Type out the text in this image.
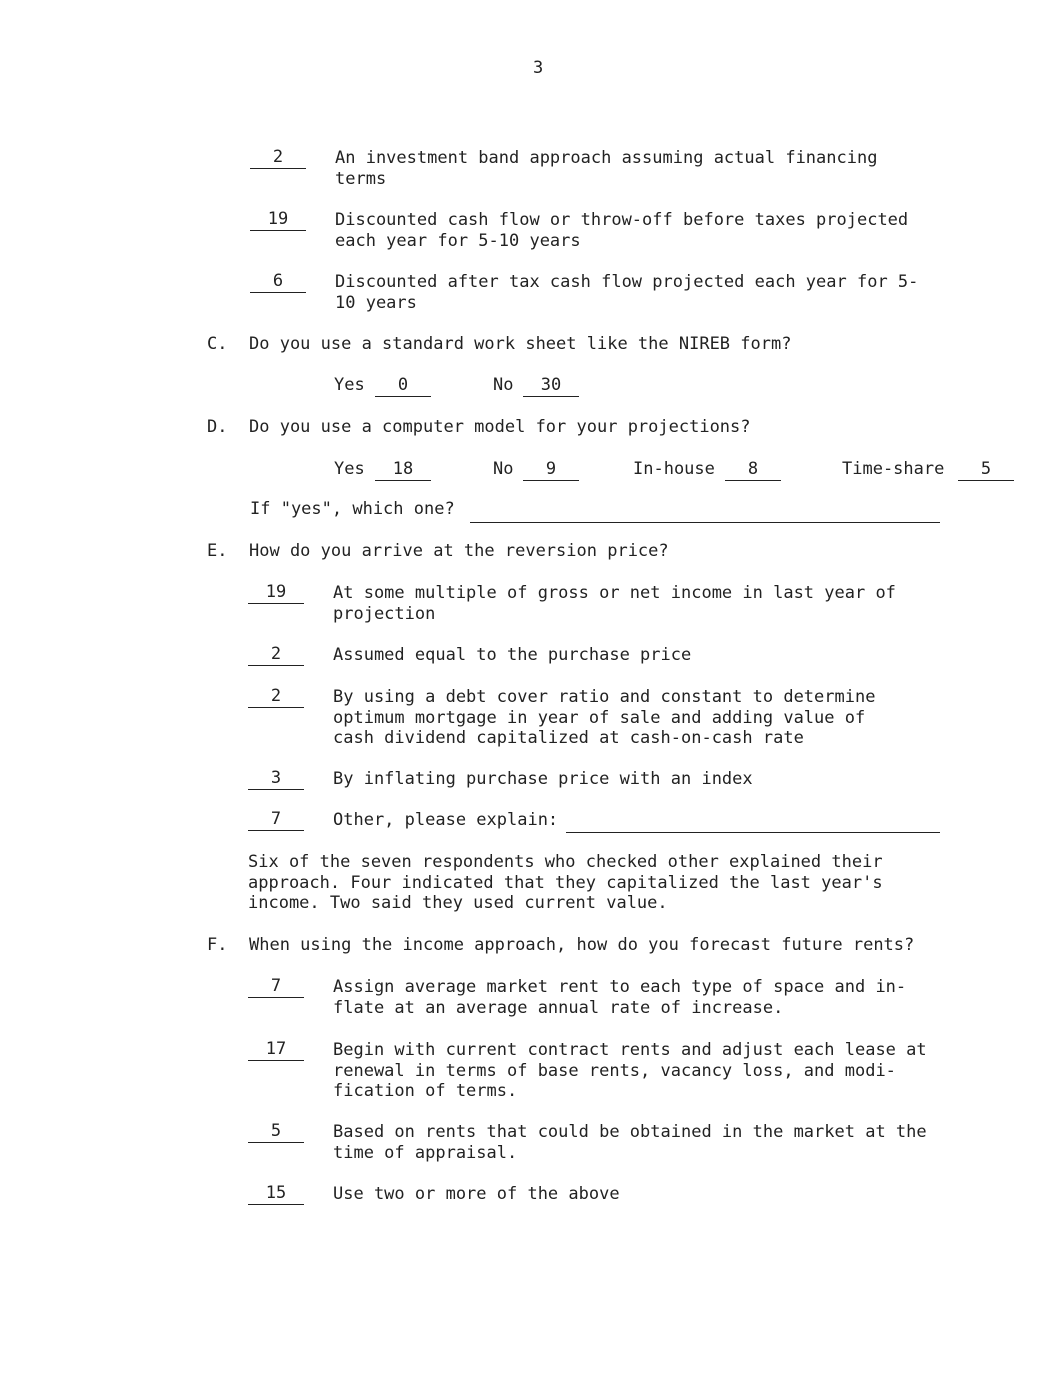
3
2	An investment band approach assuming actual financing terms
19	Discounted cash flow or throw-off before taxes projected each year for 5-10 years
6	Discounted after tax cash flow projected each year for 5-10 years
C. Do you use a standard work sheet like the NIREB form?
Yes	0	No	30
D. Do you use a computer model for your projections?
Yes	18	No	9	In-house	8	Time-share	5
If "yes", which one?
E. How do you arrive at the reversion price?
19	At some multiple of gross or net income in last year of projection
2	Assumed equal to the purchase price
2	By using a debt cover ratio and constant to determine optimum mortgage in year of sale and adding value of cash dividend capitalized at cash-on-cash rate
3	By inflating purchase price with an index
7	Other, please explain:
Six of the seven respondents who checked other explained their approach. Four indicated that they capitalized the last year's income. Two said they used current value.
F. When using the income approach, how do you forecast future rents?
7	Assign average market rent to each type of space and in-flate at an average annual rate of increase.
17	Begin with current contract rents and adjust each lease at renewal in terms of base rents, vacancy loss, and modi-fication of terms.
5	Based on rents that could be obtained in the market at the time of appraisal.
15	Use two or more of the above
